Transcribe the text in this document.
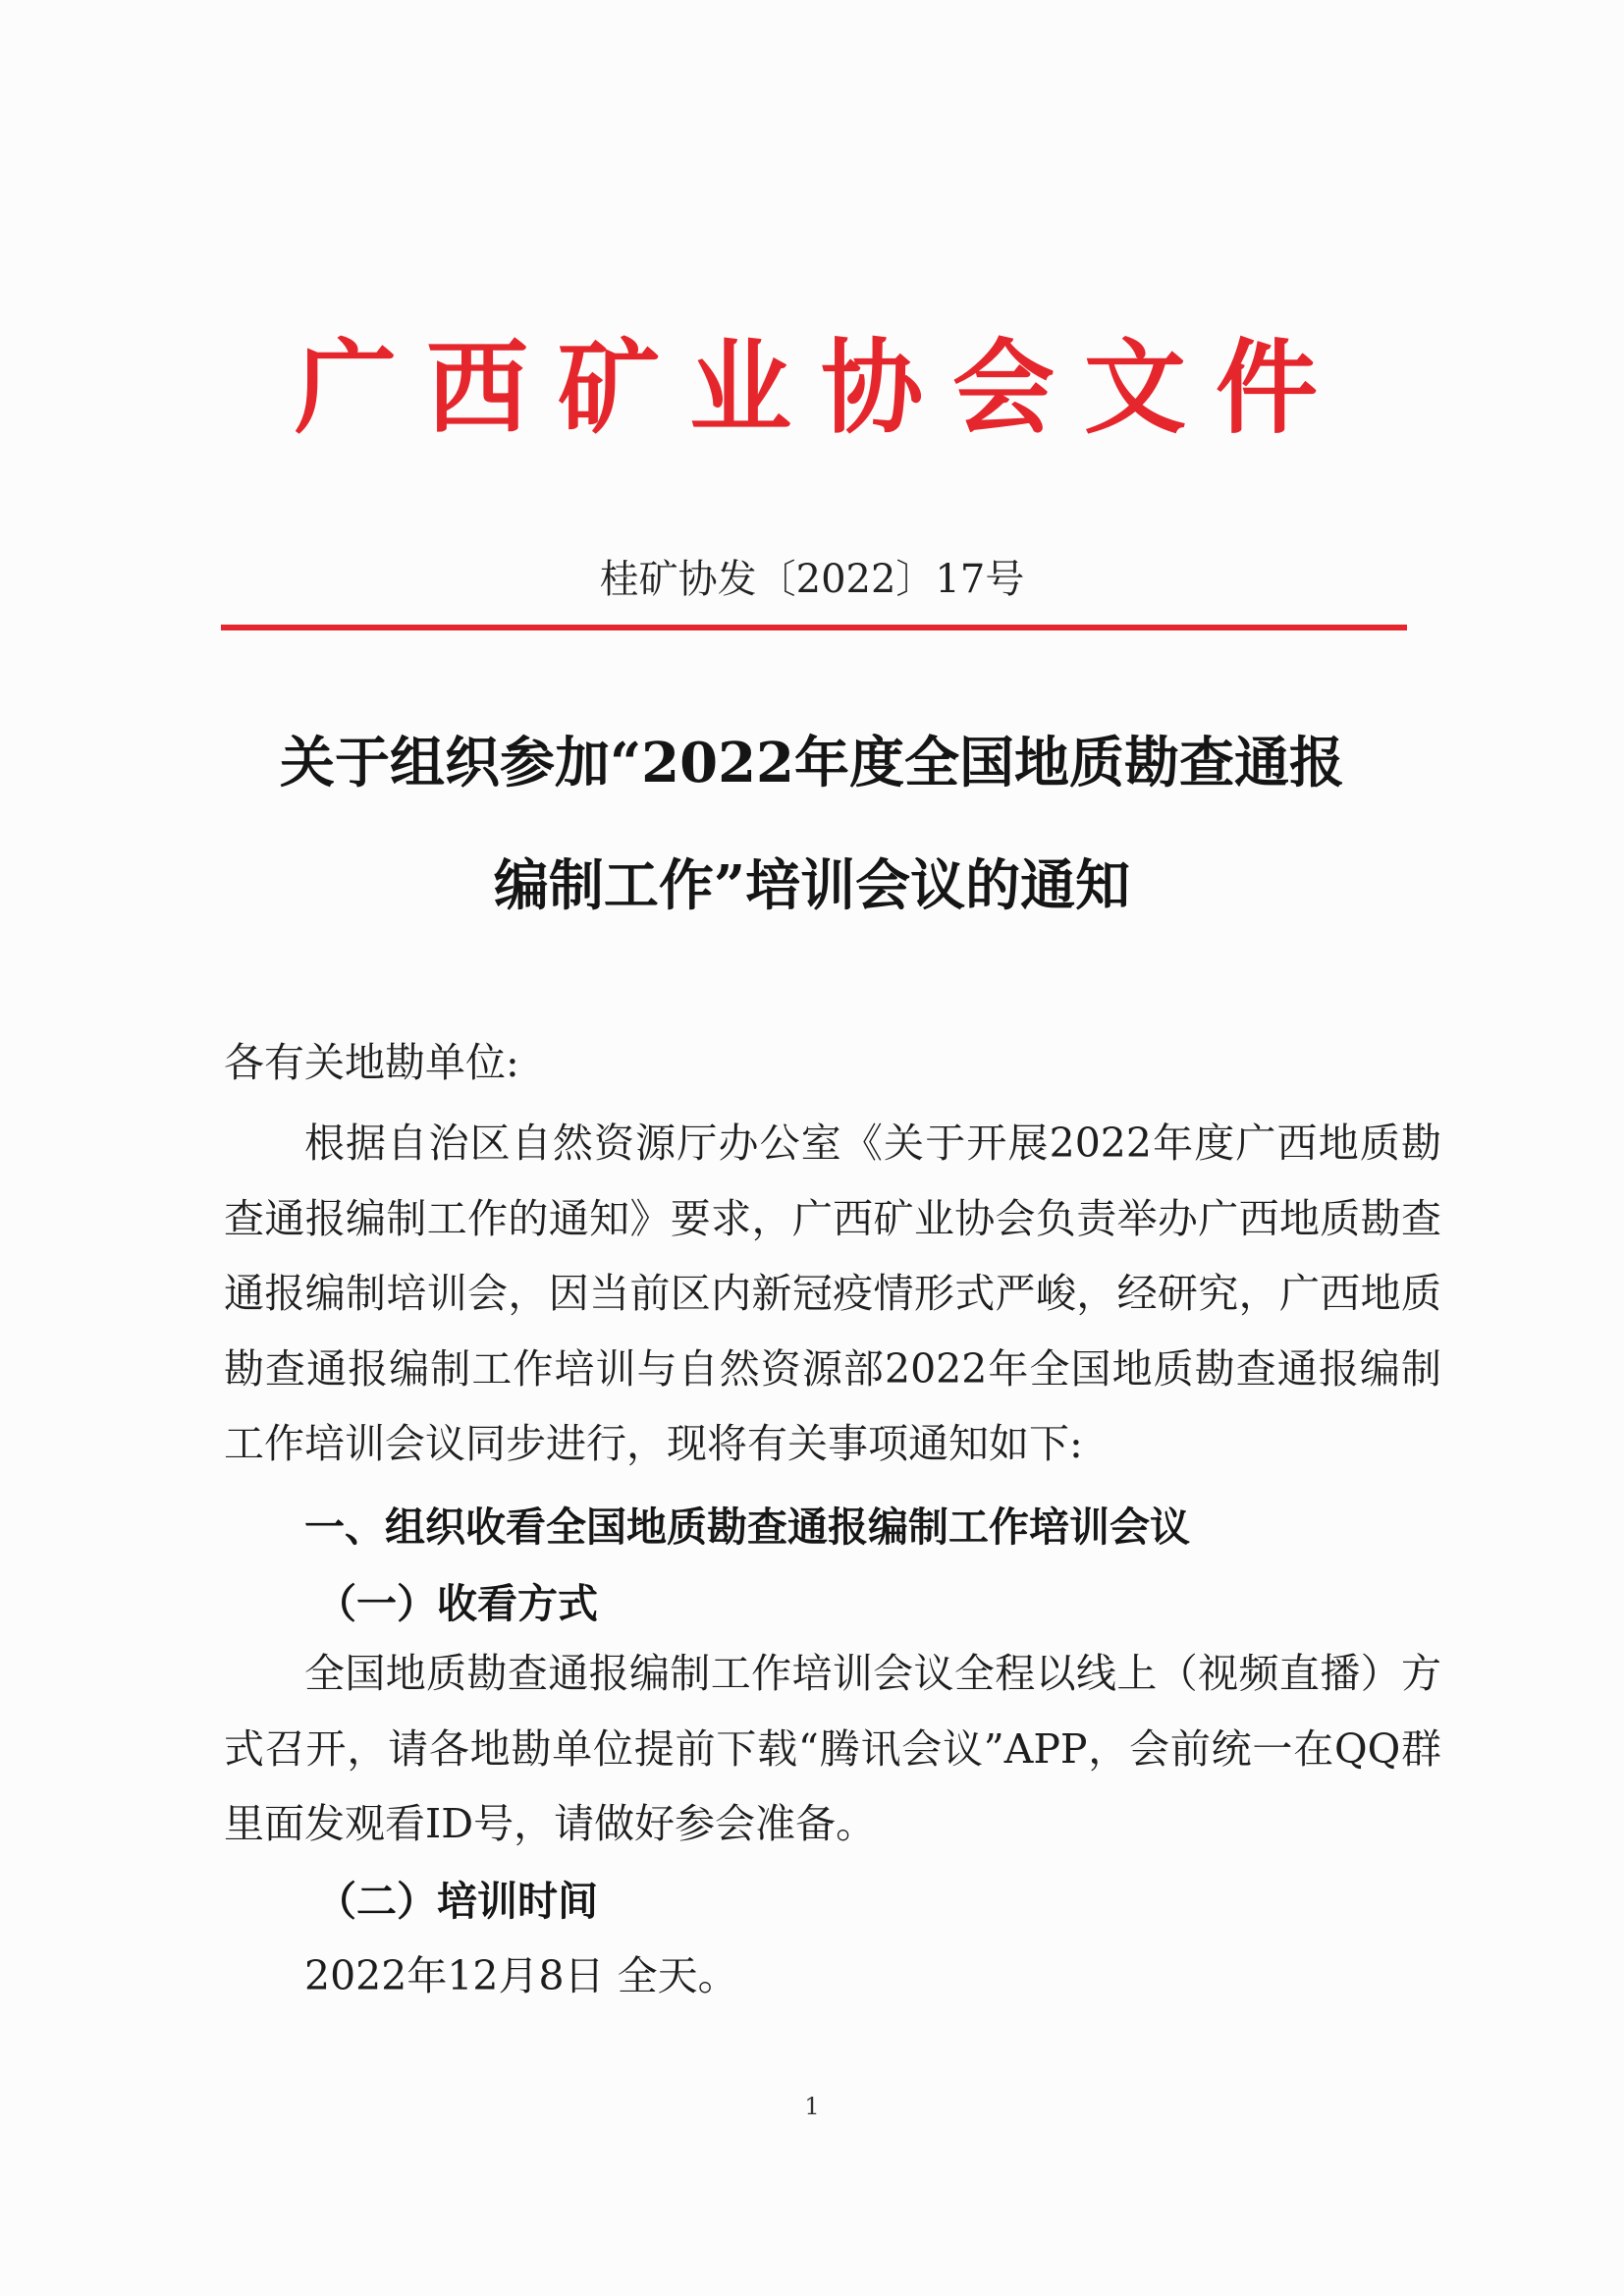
广西矿业协会文件
桂矿协发〔2022〕17号
关于组织参加“2022年度全国地质勘查通报
编制工作”培训会议的通知
各有关地勘单位:
根据自治区自然资源厅办公室《关于开展2022年度广西地质勘查通报编制工作的通知》要求，广西矿业协会负责举办广西地质勘查通报编制培训会，因当前区内新冠疫情形式严峻，经研究，广西地质勘查通报编制工作培训与自然资源部2022年全国地质勘查通报编制工作培训会议同步进行，现将有关事项通知如下:
一、组织收看全国地质勘查通报编制工作培训会议
（一）收看方式
全国地质勘查通报编制工作培训会议全程以线上（视频直播）方式召开，请各地勘单位提前下载“腾讯会议”APP，会前统一在QQ群里面发观看ID号，请做好参会准备。
（二）培训时间
2022年12月8日 全天。
1
